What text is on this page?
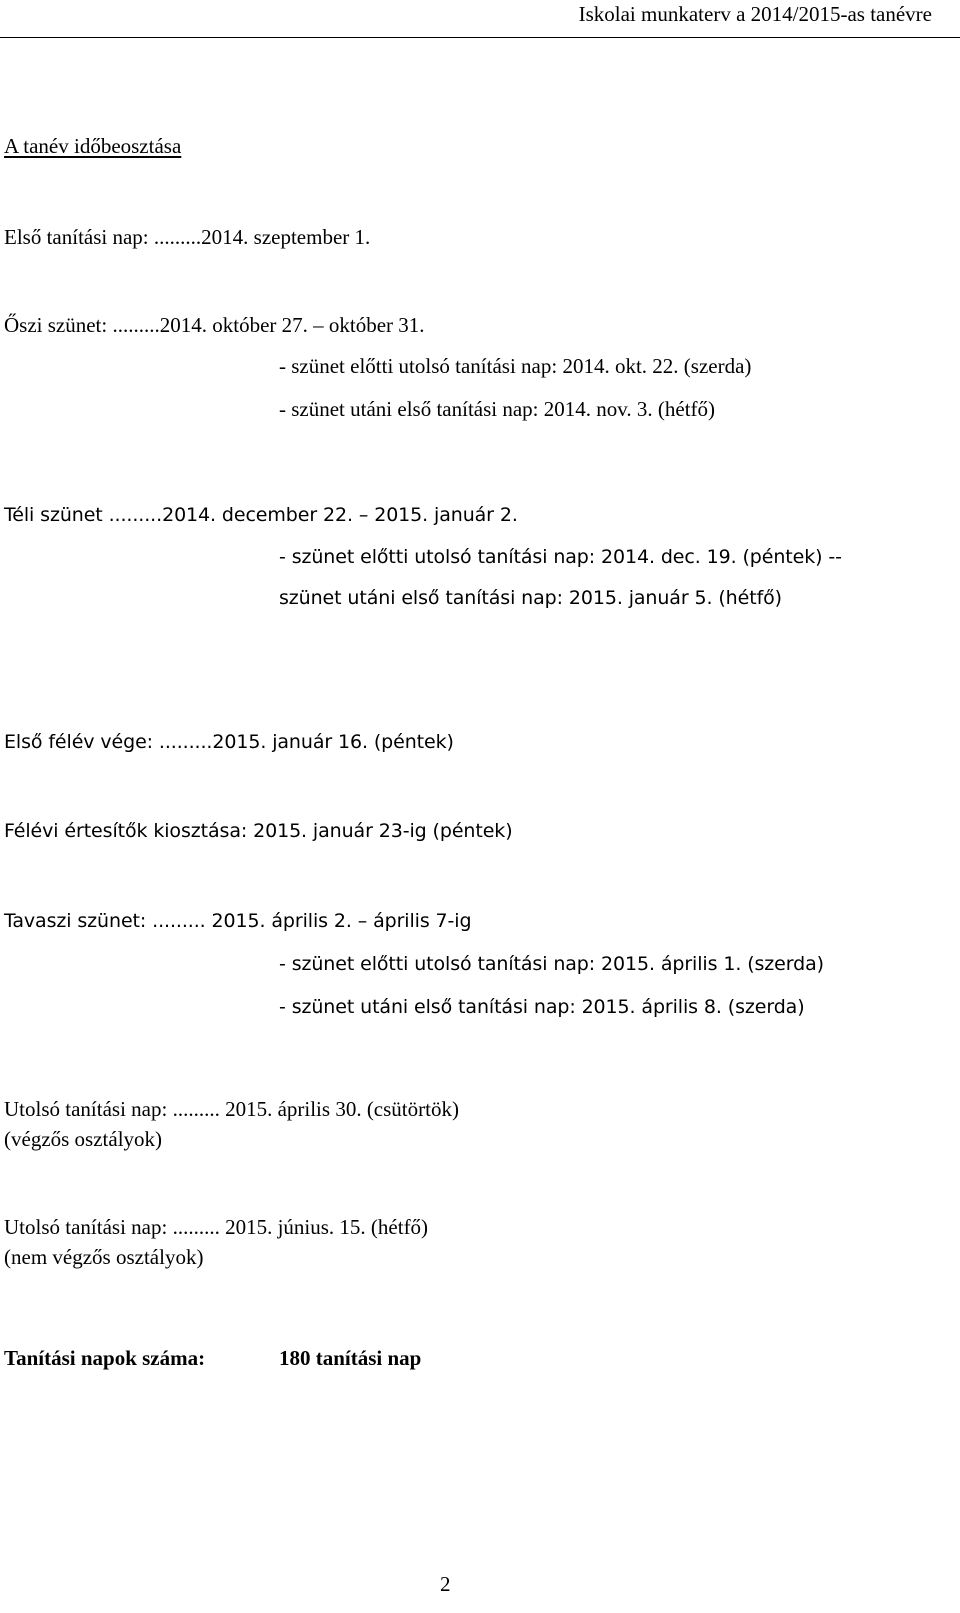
Iskolai munkaterv a 2014/2015-as tanévre
A tanév időbeosztása
Első tanítási nap: .........2014. szeptember 1.
Őszi szünet: .........2014. október 27. – október 31.
- szünet előtti utolsó tanítási nap: 2014. okt. 22. (szerda)
- szünet utáni első tanítási nap: 2014. nov. 3. (hétfő)
Téli szünet .........2014. december 22. – 2015. január 2.
- szünet előtti utolsó tanítási nap: 2014. dec. 19. (péntek) --
szünet utáni első tanítási nap: 2015. január 5. (hétfő)
Első félév vége: .........2015. január 16. (péntek)
Félévi értesítők kiosztása: 2015. január 23-ig (péntek)
Tavaszi szünet: ......... 2015. április 2. – április 7-ig
- szünet előtti utolsó tanítási nap: 2015. április 1. (szerda)
- szünet utáni első tanítási nap: 2015. április 8. (szerda)
Utolsó tanítási nap: ......... 2015. április 30. (csütörtök)
(végzős osztályok)
Utolsó tanítási nap: ......... 2015. június. 15. (hétfő)
(nem végzős osztályok)
Tanítási napok száma:	180 tanítási nap
2
